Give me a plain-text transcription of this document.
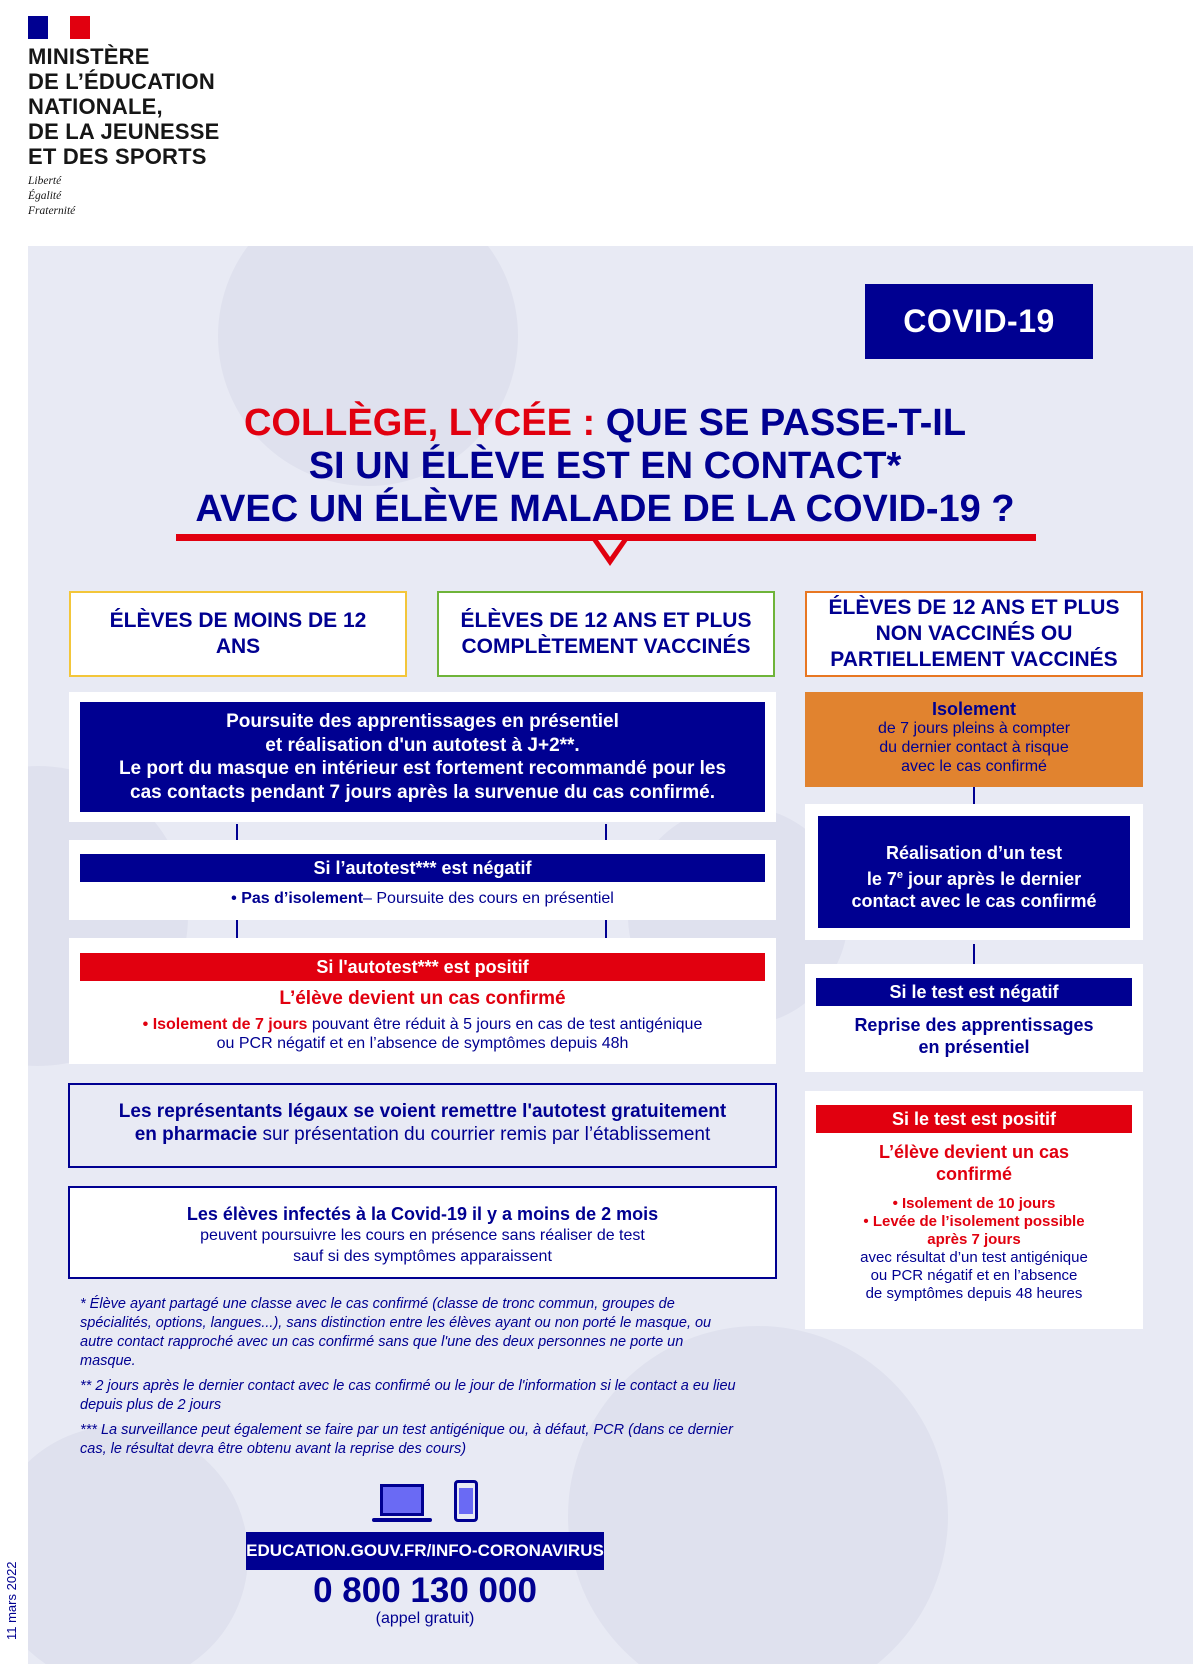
MINISTÈRE
DE L’ÉDUCATION
NATIONALE,
DE LA JEUNESSE
ET DES SPORTS
Liberté
Égalité
Fraternité
COVID-19
COLLÈGE, LYCÉE : QUE SE PASSE-T-IL
SI UN ÉLÈVE EST EN CONTACT*
AVEC UN ÉLÈVE MALADE DE LA COVID-19 ?
ÉLÈVES DE MOINS DE 12 ANS
ÉLÈVES DE 12 ANS ET PLUS COMPLÈTEMENT VACCINÉS
ÉLÈVES DE 12 ANS ET PLUS NON VACCINÉS OU PARTIELLEMENT VACCINÉS
Poursuite des apprentissages en présentiel
et réalisation d'un autotest à J+2**.
Le port du masque en intérieur est fortement recommandé pour les
cas contacts pendant 7 jours après la survenue du cas confirmé.
Si l’autotest*** est négatif
• Pas d’isolement– Poursuite des cours en présentiel
Si l'autotest*** est positif
L’élève devient un cas confirmé
• Isolement de 7 jours pouvant être réduit à 5 jours en cas de test antigénique
ou PCR négatif et en l’absence de symptômes depuis 48h
Les représentants légaux se voient remettre l'autotest gratuitement
en pharmacie sur présentation du courrier remis par l’établissement
Les élèves infectés à la Covid-19 il y a moins de 2 mois
peuvent poursuivre les cours en présence sans réaliser de test
sauf si des symptômes apparaissent
* Élève ayant partagé une classe avec le cas confirmé (classe de tronc commun, groupes de spécialités, options, langues...), sans distinction entre les élèves ayant ou non porté le masque, ou autre contact rapproché avec un cas confirmé sans que l'une des deux personnes ne porte un masque.
** 2 jours après le dernier contact avec le cas confirmé ou le jour de l'information si le contact a eu lieu depuis plus de 2 jours
*** La surveillance peut également se faire par un test antigénique ou, à défaut, PCR (dans ce dernier cas, le résultat devra être obtenu avant la reprise des cours)
Isolement
de 7 jours pleins à compter
du dernier contact à risque
avec le cas confirmé
Réalisation d’un test
le 7e jour après le dernier
contact avec le cas confirmé
Si le test est négatif
Reprise des apprentissages
en présentiel
Si le test est positif
L’élève devient un cas
confirmé
• Isolement de 10 jours
• Levée de l’isolement possible
après 7 jours
avec résultat d’un test antigénique
ou PCR négatif et en l’absence
de symptômes depuis 48 heures
EDUCATION.GOUV.FR/INFO-CORONAVIRUS
0 800 130 000
(appel gratuit)
11 mars 2022
